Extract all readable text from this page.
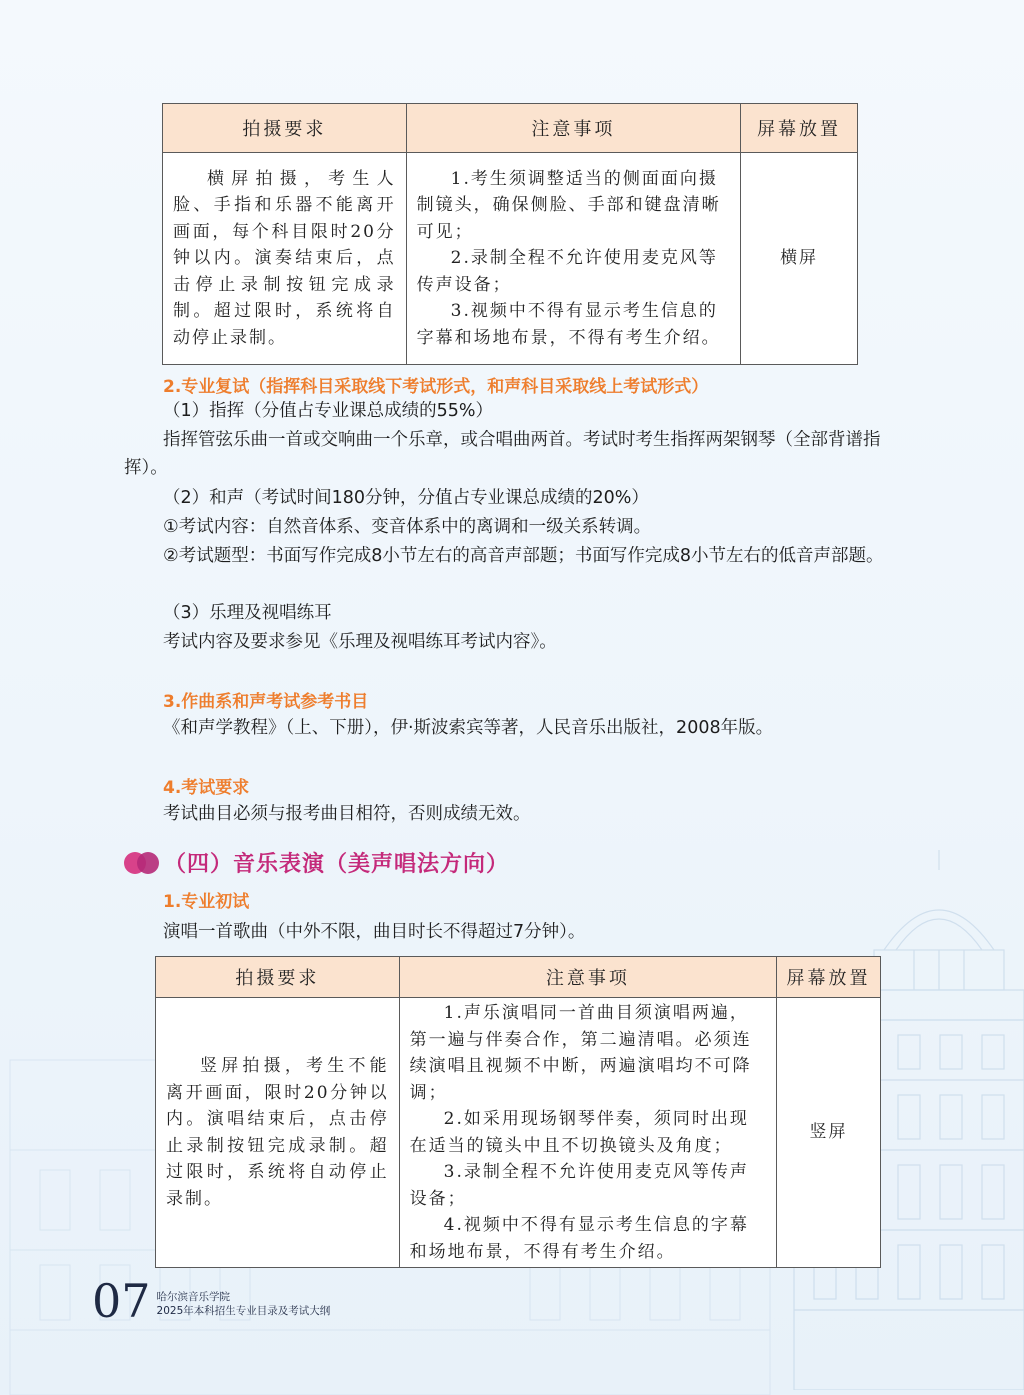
拍摄要求	注意事项	屏幕放置
横屏拍摄，考生人脸、手指和乐器不能离开画面，每个科目限时20分钟以内。演奏结束后，点击停止录制按钮完成录制。超过限时，系统将自动停止录制。	1.考生须调整适当的侧面面向摄制镜头，确保侧脸、手部和键盘清晰可见；

2.录制全程不允许使用麦克风等传声设备；

3.视频中不得有显示考生信息的字幕和场地布景，不得有考生介绍。	横屏
2.专业复试（指挥科目采取线下考试形式，和声科目采取线上考试形式）
（1）指挥（分值占专业课总成绩的55%）
指挥管弦乐曲一首或交响曲一个乐章，或合唱曲两首。考试时考生指挥两架钢琴（全部背谱指挥）。
（2）和声（考试时间180分钟，分值占专业课总成绩的20%）
①考试内容：自然音体系、变音体系中的离调和一级关系转调。
②考试题型：书面写作完成8小节左右的高音声部题；书面写作完成8小节左右的低音声部题。
（3）乐理及视唱练耳
考试内容及要求参见《乐理及视唱练耳考试内容》。
3.作曲系和声考试参考书目
《和声学教程》（上、下册），伊·斯波索宾等著，人民音乐出版社，2008年版。
4.考试要求
考试曲目必须与报考曲目相符，否则成绩无效。
（四）音乐表演（美声唱法方向）
1.专业初试
演唱一首歌曲（中外不限，曲目时长不得超过7分钟）。
拍摄要求	注意事项	屏幕放置
竖屏拍摄，考生不能离开画面，限时20分钟以内。演唱结束后，点击停止录制按钮完成录制。超过限时，系统将自动停止录制。	1.声乐演唱同一首曲目须演唱两遍，第一遍与伴奏合作，第二遍清唱。必须连续演唱且视频不中断，两遍演唱均不可降调；

2.如采用现场钢琴伴奏，须同时出现在适当的镜头中且不切换镜头及角度；

3.录制全程不允许使用麦克风等传声设备；

4.视频中不得有显示考生信息的字幕和场地布景，不得有考生介绍。	竖屏
07 哈尔滨音乐学院
2025年本科招生专业目录及考试大纲
